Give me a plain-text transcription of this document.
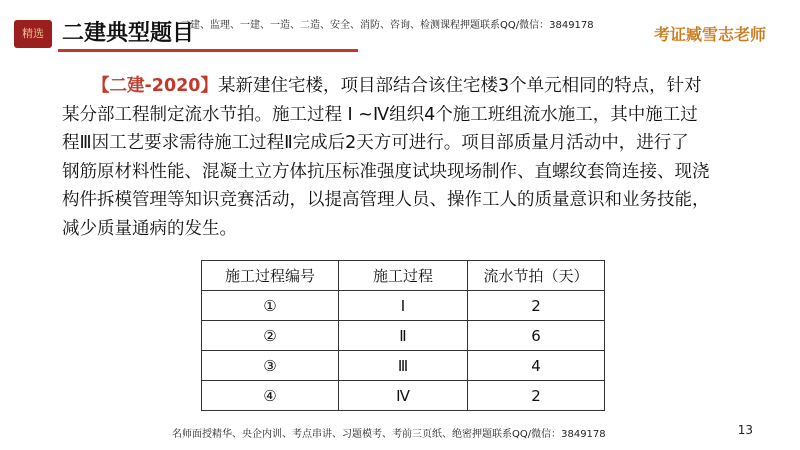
精选 二建典型题目
二建、监理、一建、一造、二造、安全、消防、咨询、检测课程押题联系QQ/微信：3849178	考证臧雪志老师
【二建-2020】某新建住宅楼，项目部结合该住宅楼3个单元相同的特点，针对
某分部工程制定流水节拍。施工过程 Ⅰ ~Ⅳ组织4个施工班组流水施工，其中施工过
程Ⅲ因工艺要求需待施工过程Ⅱ完成后2天方可进行。项目部质量月活动中，进行了
钢筋原材料性能、混凝土立方体抗压标准强度试块现场制作、直螺纹套筒连接、现浇
构件拆模管理等知识竞赛活动，以提高管理人员、操作工人的质量意识和业务技能，
减少质量通病的发生。
施工过程编号	施工过程	流水节拍（天）
①	Ⅰ	2
②	Ⅱ	6
③	Ⅲ	4
④	Ⅳ	2
名师面授精华、央企内训、考点串讲、习题模考、考前三页纸、绝密押题联系QQ/微信：3849178	13
